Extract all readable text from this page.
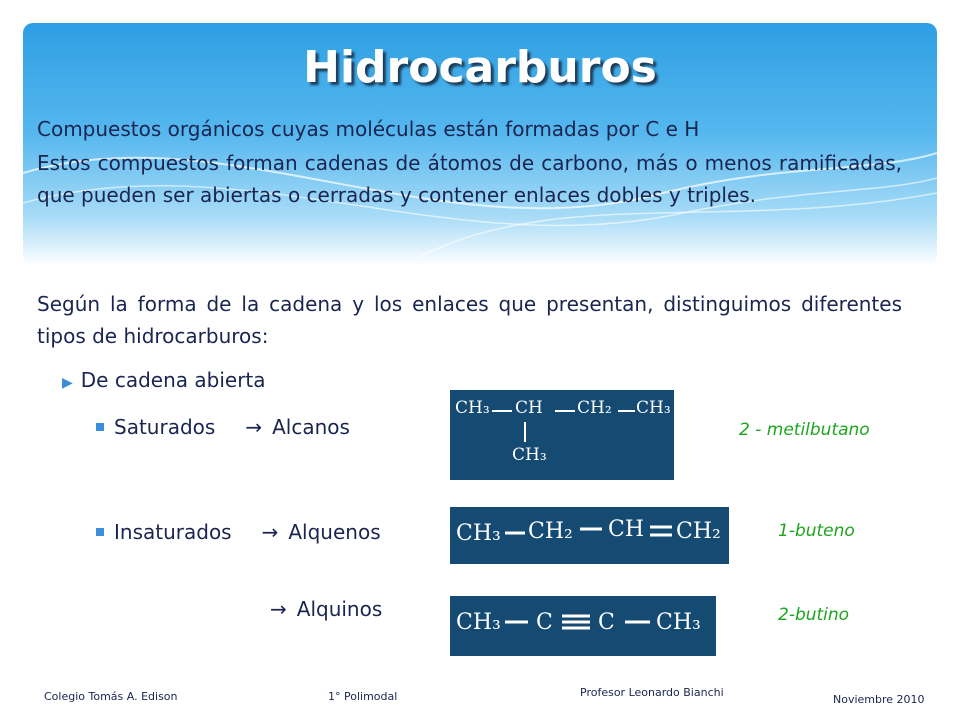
Hidrocarburos
Compuestos orgánicos cuyas moléculas están formadas por C e H
Estos compuestos forman cadenas de átomos de carbono, más o menos ramificadas, que pueden ser abiertas o cerradas y contener enlaces dobles y triples.
Según la forma de la cadena y los enlaces que presentan, distinguimos diferentes tipos de hidrocarburos:
▶ De cadena abierta
Saturados → Alcanos
Insaturados → Alquenos
→ Alquinos
CH₃ CH CH₂ CH₃
CH₃
CH₃ CH₂ CH CH₂
CH₃ C C CH₃
2 - metilbutano
1-buteno
2-butino
Colegio Tomás A. Edison	1° Polimodal	Profesor Leonardo Bianchi
Noviembre 2010
